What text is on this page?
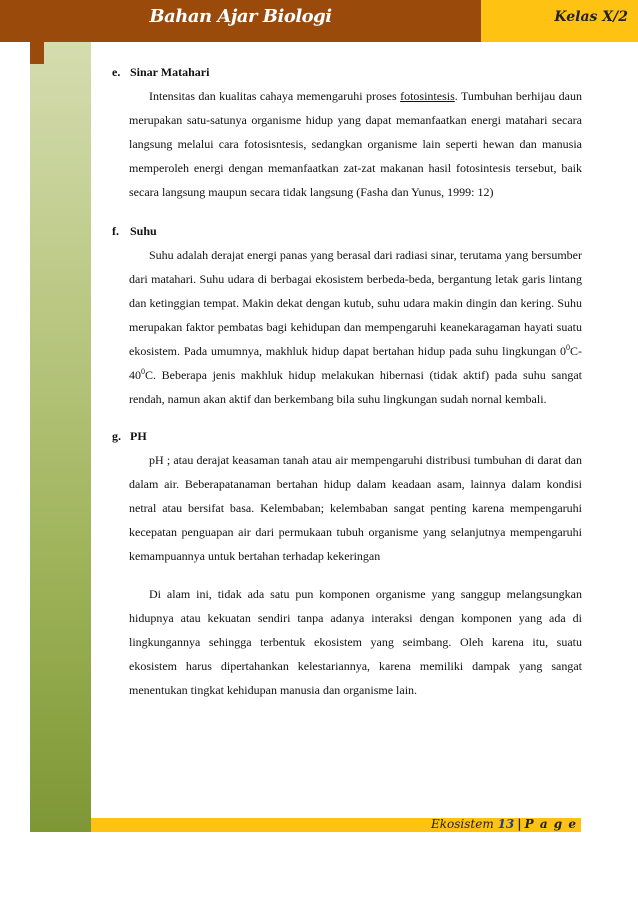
Bahan Ajar Biologi	Kelas X/2
e. Sinar Matahari

Intensitas dan kualitas cahaya memengaruhi proses fotosintesis. Tumbuhan berhijau daun merupakan satu-satunya organisme hidup yang dapat memanfaatkan energi matahari secara langsung melalui cara fotosisntesis, sedangkan organisme lain seperti hewan dan manusia memperoleh energi dengan memanfaatkan zat-zat makanan hasil fotosintesis tersebut, baik secara langsung maupun secara tidak langsung (Fasha dan Yunus, 1999: 12)

f. Suhu

Suhu adalah derajat energi panas yang berasal dari radiasi sinar, terutama yang bersumber dari matahari. Suhu udara di berbagai ekosistem berbeda-beda, bergantung letak garis lintang dan ketinggian tempat. Makin dekat dengan kutub, suhu udara makin dingin dan kering. Suhu merupakan faktor pembatas bagi kehidupan dan mempengaruhi keanekaragaman hayati suatu ekosistem. Pada umumnya, makhluk hidup dapat bertahan hidup pada suhu lingkungan $0^0C-40^0C$. Beberapa jenis makhluk hidup melakukan hibernasi (tidak aktif) pada suhu sangat rendah, namun akan aktif dan berkembang bila suhu lingkungan sudah nornal kembali.

g. PH

pH ; atau derajat keasaman tanah atau air mempengaruhi distribusi tumbuhan di darat dan dalam air. Beberapatanaman bertahan hidup dalam keadaan asam, lainnya dalam kondisi netral atau bersifat basa. Kelembaban; kelembaban sangat penting karena mempengaruhi kecepatan penguapan air dari permukaan tubuh organisme yang selanjutnya mempengaruhi kemampuannya untuk bertahan terhadap kekeringan

Di alam ini, tidak ada satu pun komponen organisme yang sanggup melangsungkan hidupnya atau kekuatan sendiri tanpa adanya interaksi dengan komponen yang ada di lingkungannya sehingga terbentuk ekosistem yang seimbang. Oleh karena itu, suatu ekosistem harus dipertahankan kelestariannya, karena memiliki dampak yang sangat menentukan tingkat kehidupan manusia dan organisme lain.

Ekosistem 13 | P a g e
